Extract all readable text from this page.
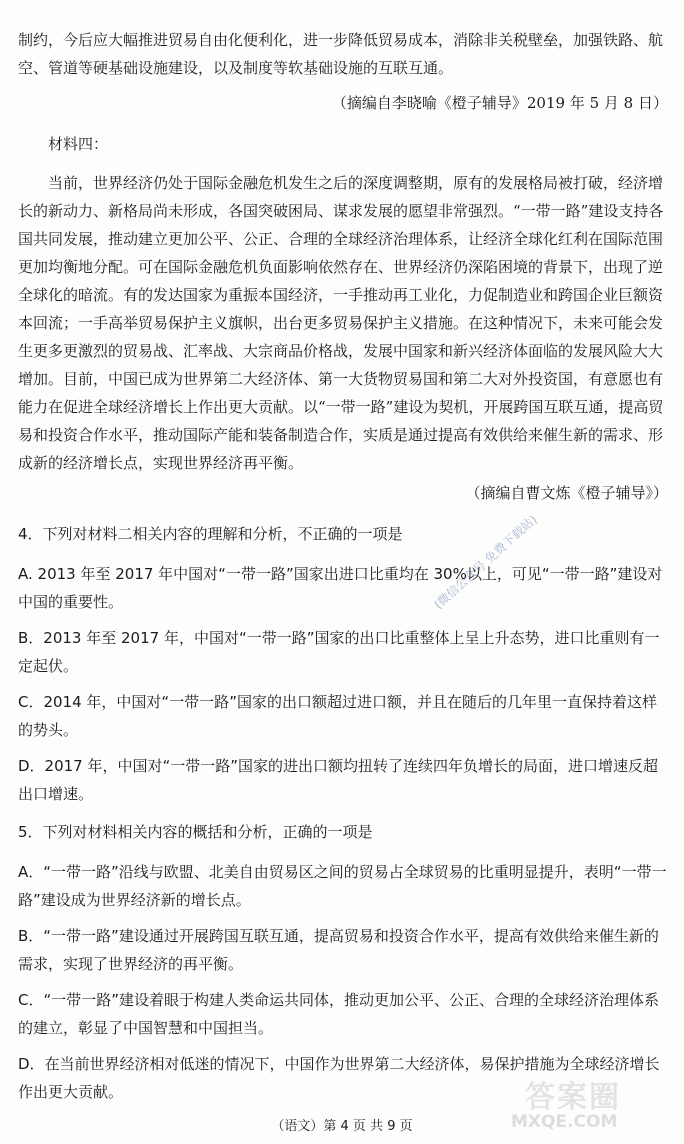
制约，今后应大幅推进贸易自由化便利化，进一步降低贸易成本，消除非关税壁垒，加强铁路、航空、管道等硬基础设施建设，以及制度等软基础设施的互联互通。

（摘编自李晓喻《橙子辅导》2019 年 5 月 8 日）

材料四：

当前，世界经济仍处于国际金融危机发生之后的深度调整期，原有的发展格局被打破，经济增长的新动力、新格局尚未形成，各国突破困局、谋求发展的愿望非常强烈。“一带一路”建设支持各国共同发展，推动建立更加公平、公正、合理的全球经济治理体系，让经济全球化红利在国际范围更加均衡地分配。可在国际金融危机负面影响依然存在、世界经济仍深陷困境的背景下，出现了逆全球化的暗流。有的发达国家为重振本国经济，一手推动再工业化，力促制造业和跨国企业巨额资本回流；一手高举贸易保护主义旗帜，出台更多贸易保护主义措施。在这种情况下，未来可能会发生更多更激烈的贸易战、汇率战、大宗商品价格战，发展中国家和新兴经济体面临的发展风险大大增加。目前，中国已成为世界第二大经济体、第一大货物贸易国和第二大对外投资国，有意愿也有能力在促进全球经济增长上作出更大贡献。以“一带一路”建设为契机，开展跨国互联互通，提高贸易和投资合作水平，推动国际产能和装备制造合作，实质是通过提高有效供给来催生新的需求、形成新的经济增长点，实现世界经济再平衡。

（摘编自曹文炼《橙子辅导》）

4．下列对材料二相关内容的理解和分析，不正确的一项是

A. 2013 年至 2017 年中国对“一带一路”国家出进口比重均在 30%以上，可见“一带一路”建设对中国的重要性。

B．2013 年至 2017 年，中国对“一带一路”国家的出口比重整体上呈上升态势，进口比重则有一定起伏。

C．2014 年，中国对“一带一路”国家的出口额超过进口额，并且在随后的几年里一直保持着这样的势头。

D．2017 年，中国对“一带一路”国家的进出口额均扭转了连续四年负增长的局面，进口增速反超出口增速。

5．下列对材料相关内容的概括和分析，正确的一项是

A．“一带一路”沿线与欧盟、北美自由贸易区之间的贸易占全球贸易的比重明显提升，表明“一带一路”建设成为世界经济新的增长点。

B．“一带一路”建设通过开展跨国互联互通，提高贸易和投资合作水平，提高有效供给来催生新的需求，实现了世界经济的再平衡。

C．“一带一路”建设着眼于构建人类命运共同体，推动更加公平、公正、合理的全球经济治理体系的建立，彰显了中国智慧和中国担当。

D．在当前世界经济相对低迷的情况下，中国作为世界第二大经济体，易保护措施为全球经济增长作出更大贡献。

(微信公众号 免费下载站)
答案圈
MXQE.COM
（语文）第 4 页 共 9 页
